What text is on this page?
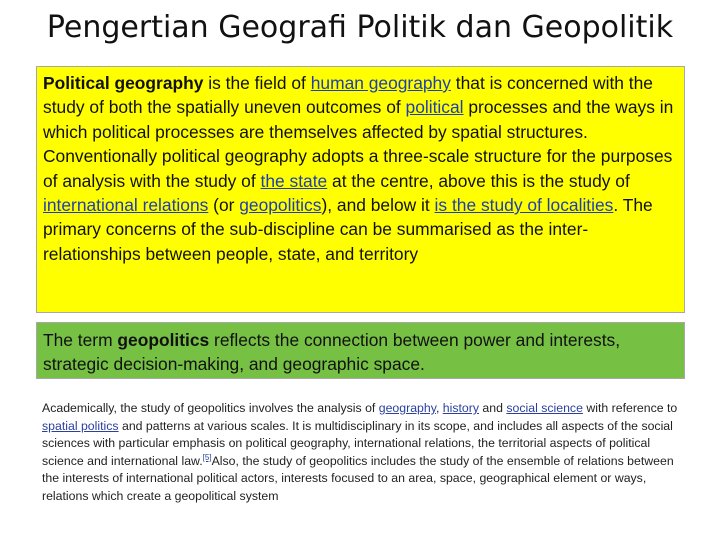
Pengertian Geografi Politik dan Geopolitik
Political geography is the field of human geography that is concerned with the study of both the spatially uneven outcomes of political processes and the ways in which political processes are themselves affected by spatial structures. Conventionally political geography adopts a three-scale structure for the purposes of analysis with the study of the state at the centre, above this is the study of international relations (or geopolitics), and below it is the study of localities. The primary concerns of the sub-discipline can be summarised as the inter-relationships between people, state, and territory
The term geopolitics reflects the connection between power and interests, strategic decision-making, and geographic space.
Academically, the study of geopolitics involves the analysis of geography, history and social science with reference to spatial politics and patterns at various scales. It is multidisciplinary in its scope, and includes all aspects of the social sciences with particular emphasis on political geography, international relations, the territorial aspects of political science and international law.[5]Also, the study of geopolitics includes the study of the ensemble of relations between the interests of international political actors, interests focused to an area, space, geographical element or ways, relations which create a geopolitical system
